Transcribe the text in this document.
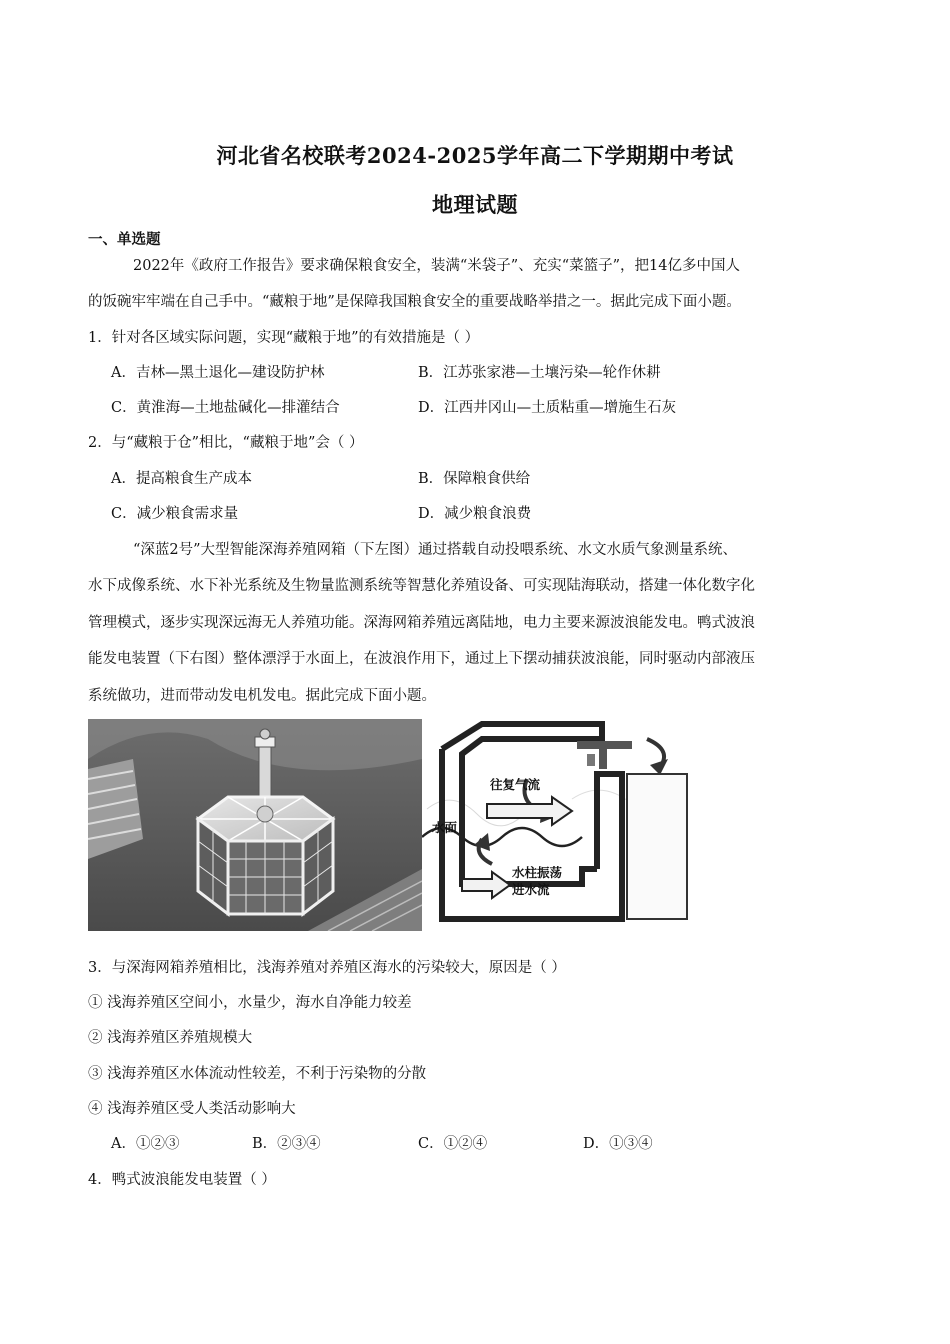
河北省名校联考2024-2025学年高二下学期期中考试
地理试题
一、单选题
2022年《政府工作报告》要求确保粮食安全，装满“米袋子”、充实“菜篮子”，把14亿多中国人
的饭碗牢牢端在自己手中。“藏粮于地”是保障我国粮食安全的重要战略举措之一。据此完成下面小题。
1．针对各区域实际问题，实现“藏粮于地”的有效措施是（ ）
A．吉林—黑土退化—建设防护林	B．江苏张家港—土壤污染—轮作休耕
C．黄淮海—土地盐碱化—排灌结合	D．江西井冈山—土质粘重—增施生石灰
2．与“藏粮于仓”相比，“藏粮于地”会（ ）
A．提高粮食生产成本	B．保障粮食供给
C．减少粮食需求量	D．减少粮食浪费
“深蓝2号”大型智能深海养殖网箱（下左图）通过搭载自动投喂系统、水文水质气象测量系统、
水下成像系统、水下补光系统及生物量监测系统等智慧化养殖设备、可实现陆海联动，搭建一体化数字化
管理模式，逐步实现深远海无人养殖功能。深海网箱养殖远离陆地，电力主要来源波浪能发电。鸭式波浪
能发电装置（下右图）整体漂浮于水面上，在波浪作用下，通过上下摆动捕获波浪能，同时驱动内部液压
系统做功，进而带动发电机发电。据此完成下面小题。
往复气流
水面
水柱振荡
进水流
3．与深海网箱养殖相比，浅海养殖对养殖区海水的污染较大，原因是（ ）
① 浅海养殖区空间小，水量少，海水自净能力较差
② 浅海养殖区养殖规模大
③ 浅海养殖区水体流动性较差，不利于污染物的分散
④ 浅海养殖区受人类活动影响大
A．①②③	B．②③④	C．①②④	D．①③④
4．鸭式波浪能发电装置（ ）
